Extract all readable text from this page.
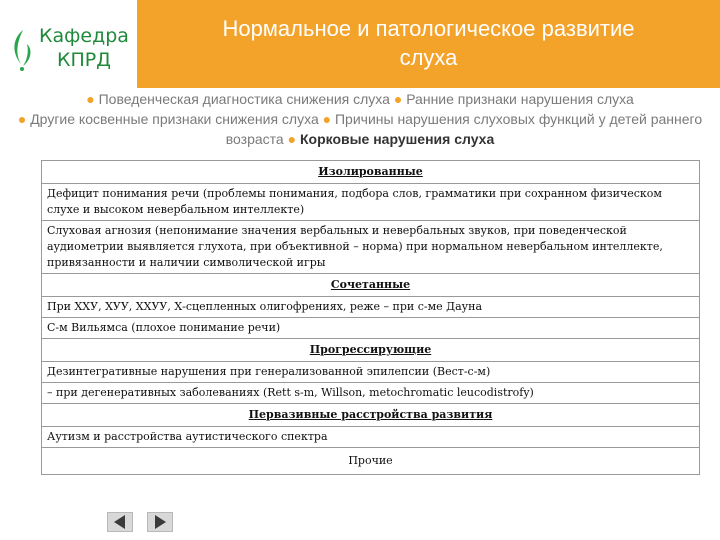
Кафедра
КПРД
Нормальное и патологическое развитие
слуха
● Поведенческая диагностика снижения слуха ● Ранние признаки нарушения слуха
● Другие косвенные признаки снижения слуха ● Причины нарушения слуховых функций у детей раннего возраста ● Корковые нарушения слуха
Изолированные
Дефицит понимания речи (проблемы понимания, подбора слов, грамматики при сохранном физическом слухе и высоком невербальном интеллекте)
Слуховая агнозия (непонимание значения вербальных и невербальных звуков, при поведенческой аудиометрии выявляется глухота, при объективной – норма) при нормальном невербальном интеллекте, привязанности и наличии символической игры
Сочетанные
При ХХУ, ХУУ, ХХУУ, Х-сцепленных олигофрениях, реже – при с-ме Дауна
С-м Вильямса (плохое понимание речи)
Прогрессирующие
Дезинтегративные нарушения при генерализованной эпилепсии (Вест-с-м)
– при дегенеративных заболеваниях (Rett s-m, Willson, metochromatic leucodistrofy)
Первазивные расстройства развития
Аутизм и расстройства аутистического спектра
Прочие
